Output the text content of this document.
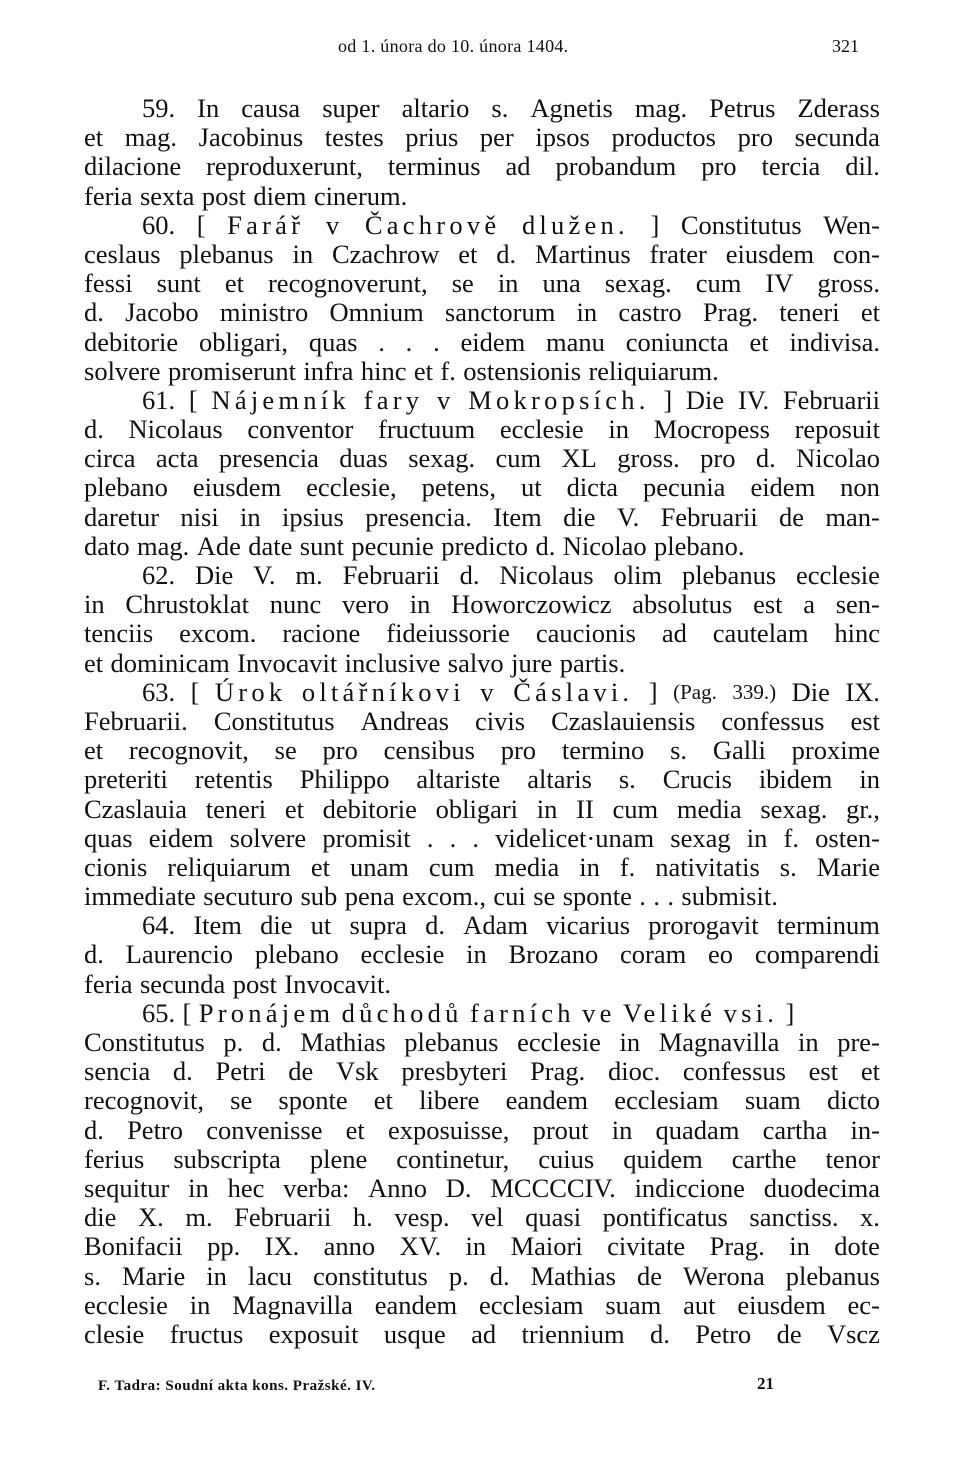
od 1. února do 10. února 1404.	321
59. In causa super altario s. Agnetis mag. Petrus Zderass
et mag. Jacobinus testes prius per ipsos productos pro secunda
dilacione reproduxerunt, terminus ad probandum pro tercia dil.
feria sexta post diem cinerum.
60. [ Farář v Čachrově dlužen. ] Constitutus Wen-
ceslaus plebanus in Czachrow et d. Martinus frater eiusdem con-
fessi sunt et recognoverunt, se in una sexag. cum IV gross.
d. Jacobo ministro Omnium sanctorum in castro Prag. teneri et
debitorie obligari, quas . . . eidem manu coniuncta et indivisa.
solvere promiserunt infra hinc et f. ostensionis reliquiarum.
61. [ Nájemník fary v Mokropsích. ] Die IV. Februarii
d. Nicolaus conventor fructuum ecclesie in Mocropess reposuit
circa acta presencia duas sexag. cum XL gross. pro d. Nicolao
plebano eiusdem ecclesie, petens, ut dicta pecunia eidem non
daretur nisi in ipsius presencia. Item die V. Februarii de man-
dato mag. Ade date sunt pecunie predicto d. Nicolao plebano.
62. Die V. m. Februarii d. Nicolaus olim plebanus ecclesie
in Chrustoklat nunc vero in Howorczowicz absolutus est a sen-
tenciis excom. racione fideiussorie caucionis ad cautelam hinc
et dominicam Invocavit inclusive salvo jure partis.
63. [ Úrok oltářníkovi v Čáslavi. ] (Pag. 339.) Die IX.
Februarii. Constitutus Andreas civis Czaslauiensis confessus est
et recognovit, se pro censibus pro termino s. Galli proxime
preteriti retentis Philippo altariste altaris s. Crucis ibidem in
Czaslauia teneri et debitorie obligari in II cum media sexag. gr.,
quas eidem solvere promisit . . . videlicet·unam sexag in f. osten-
cionis reliquiarum et unam cum media in f. nativitatis s. Marie
immediate secuturo sub pena excom., cui se sponte . . . submisit.
64. Item die ut supra d. Adam vicarius prorogavit terminum
d. Laurencio plebano ecclesie in Brozano coram eo comparendi
feria secunda post Invocavit.
65. [ Pronájem důchodů farních ve Veliké vsi. ]
Constitutus p. d. Mathias plebanus ecclesie in Magnavilla in pre-
sencia d. Petri de Vsk presbyteri Prag. dioc. confessus est et
recognovit, se sponte et libere eandem ecclesiam suam dicto
d. Petro convenisse et exposuisse, prout in quadam cartha in-
ferius subscripta plene continetur, cuius quidem carthe tenor
sequitur in hec verba: Anno D. MCCCCIV. indiccione duodecima
die X. m. Februarii h. vesp. vel quasi pontificatus sanctiss. x.
Bonifacii pp. IX. anno XV. in Maiori civitate Prag. in dote
s. Marie in lacu constitutus p. d. Mathias de Werona plebanus
ecclesie in Magnavilla eandem ecclesiam suam aut eiusdem ec-
clesie fructus exposuit usque ad triennium d. Petro de Vscz
F. Tadra: Soudní akta kons. Pražské. IV.	21
